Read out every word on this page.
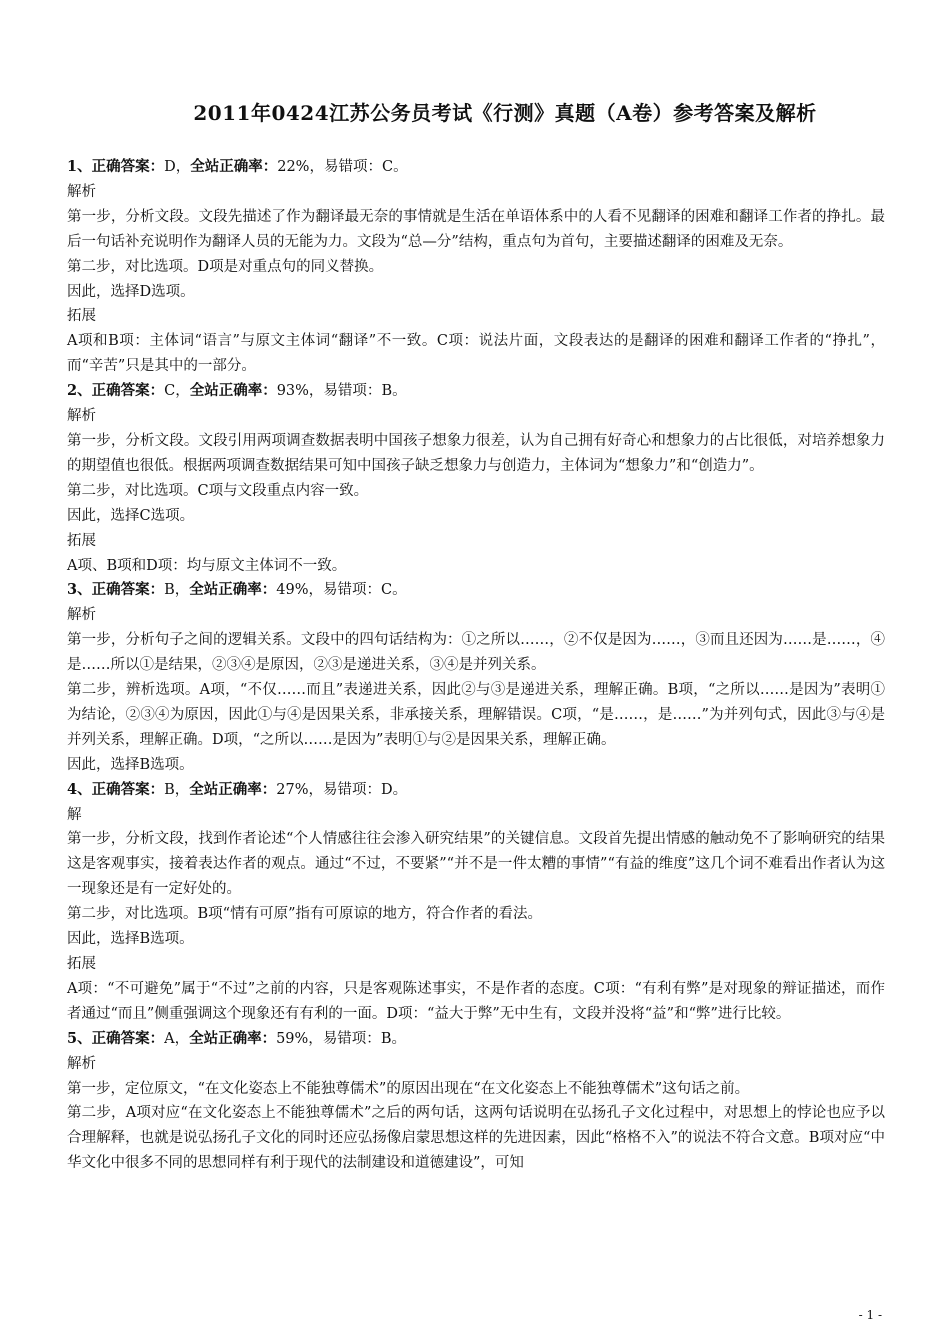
2011年0424江苏公务员考试《行测》真题（A卷）参考答案及解析
1、正确答案：D，全站正确率：22%，易错项：C。
解析
第一步，分析文段。文段先描述了作为翻译最无奈的事情就是生活在单语体系中的人看不见翻译的困难和翻译工作者的挣扎。最后一句话补充说明作为翻译人员的无能为力。文段为“总—分”结构，重点句为首句，主要描述翻译的困难及无奈。
第二步，对比选项。D项是对重点句的同义替换。
因此，选择D选项。
拓展
A项和B项：主体词“语言”与原文主体词“翻译”不一致。C项：说法片面，文段表达的是翻译的困难和翻译工作者的“挣扎”，而“辛苦”只是其中的一部分。
2、正确答案：C，全站正确率：93%，易错项：B。
解析
第一步，分析文段。文段引用两项调查数据表明中国孩子想象力很差，认为自己拥有好奇心和想象力的占比很低，对培养想象力的期望值也很低。根据两项调查数据结果可知中国孩子缺乏想象力与创造力，主体词为“想象力”和“创造力”。
第二步，对比选项。C项与文段重点内容一致。
因此，选择C选项。
拓展
A项、B项和D项：均与原文主体词不一致。
3、正确答案：B，全站正确率：49%，易错项：C。
解析
第一步，分析句子之间的逻辑关系。文段中的四句话结构为：①之所以……，②不仅是因为……，③而且还因为……是……，④是……所以①是结果，②③④是原因，②③是递进关系，③④是并列关系。
第二步，辨析选项。A项，“不仅……而且”表递进关系，因此②与③是递进关系，理解正确。B项，“之所以……是因为”表明①为结论，②③④为原因，因此①与④是因果关系，非承接关系，理解错误。C项，“是……，是……”为并列句式，因此③与④是并列关系，理解正确。D项，“之所以……是因为”表明①与②是因果关系，理解正确。
因此，选择B选项。
4、正确答案：B，全站正确率：27%，易错项：D。
解
第一步，分析文段，找到作者论述“个人情感往往会渗入研究结果”的关键信息。文段首先提出情感的触动免不了影响研究的结果这是客观事实，接着表达作者的观点。通过“不过，不要紧”“并不是一件太糟的事情”“有益的维度”这几个词不难看出作者认为这一现象还是有一定好处的。
第二步，对比选项。B项“情有可原”指有可原谅的地方，符合作者的看法。
因此，选择B选项。
拓展
A项：“不可避免”属于“不过”之前的内容，只是客观陈述事实，不是作者的态度。C项：“有利有弊”是对现象的辩证描述，而作者通过“而且”侧重强调这个现象还有有利的一面。D项：“益大于弊”无中生有，文段并没将“益”和“弊”进行比较。
5、正确答案：A，全站正确率：59%，易错项：B。
解析
第一步，定位原文，“在文化姿态上不能独尊儒术”的原因出现在“在文化姿态上不能独尊儒术”这句话之前。
第二步，A项对应“在文化姿态上不能独尊儒术”之后的两句话，这两句话说明在弘扬孔子文化过程中，对思想上的悖论也应予以合理解释，也就是说弘扬孔子文化的同时还应弘扬像启蒙思想这样的先进因素，因此“格格不入”的说法不符合文意。B项对应“中华文化中很多不同的思想同样有利于现代的法制建设和道德建设”，可知
- 1 -
